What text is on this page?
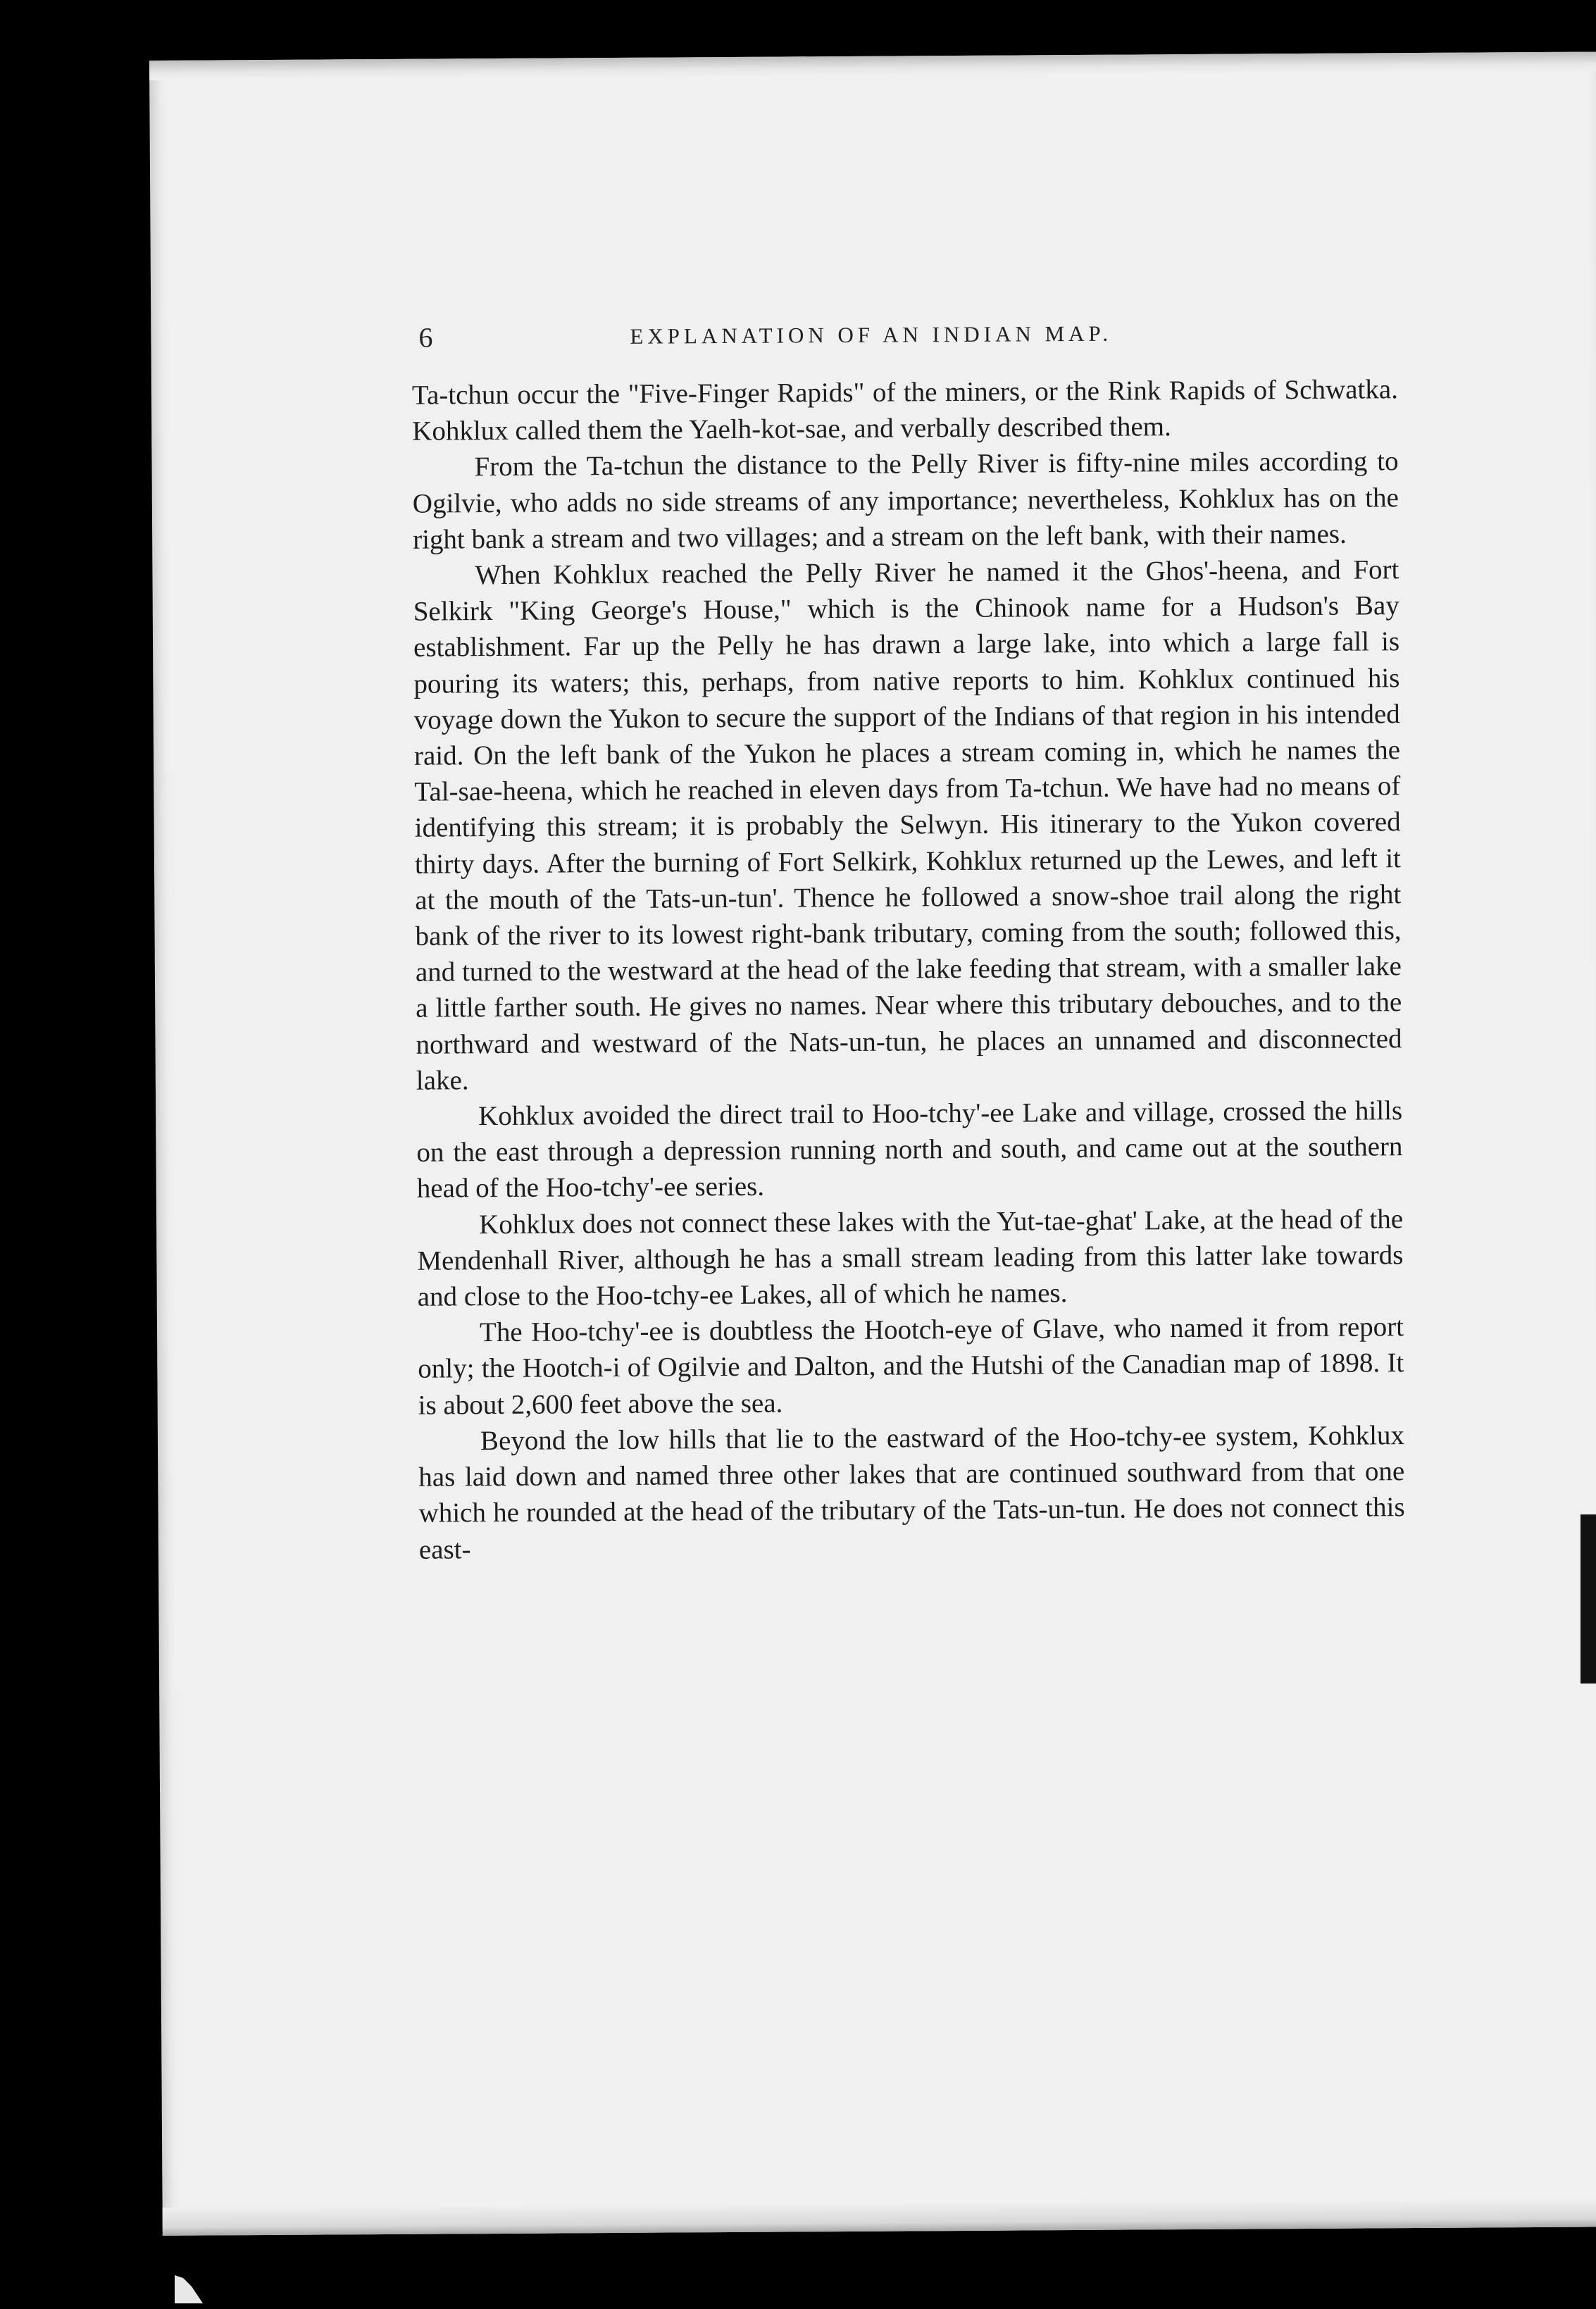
6	EXPLANATION OF AN INDIAN MAP.

Ta-tchun occur the "Five-Finger Rapids" of the miners, or the Rink Rapids of Schwatka. Kohklux called them the Yaelh-kot-sae, and verbally described them.

From the Ta-tchun the distance to the Pelly River is fifty-nine miles according to Ogilvie, who adds no side streams of any importance; nevertheless, Kohklux has on the right bank a stream and two villages; and a stream on the left bank, with their names.

When Kohklux reached the Pelly River he named it the Ghos'-heena, and Fort Selkirk "King George's House," which is the Chinook name for a Hudson's Bay establishment. Far up the Pelly he has drawn a large lake, into which a large fall is pouring its waters; this, perhaps, from native reports to him. Kohklux continued his voyage down the Yukon to secure the support of the Indians of that region in his intended raid. On the left bank of the Yukon he places a stream coming in, which he names the Tal-sae-heena, which he reached in eleven days from Ta-tchun. We have had no means of identifying this stream; it is probably the Selwyn. His itinerary to the Yukon covered thirty days. After the burning of Fort Selkirk, Kohklux returned up the Lewes, and left it at the mouth of the Tats-un-tun'. Thence he followed a snow-shoe trail along the right bank of the river to its lowest right-bank tributary, coming from the south; followed this, and turned to the westward at the head of the lake feeding that stream, with a smaller lake a little farther south. He gives no names. Near where this tributary debouches, and to the northward and westward of the Nats-un-tun, he places an unnamed and disconnected lake.

Kohklux avoided the direct trail to Hoo-tchy'-ee Lake and village, crossed the hills on the east through a depression running north and south, and came out at the southern head of the Hoo-tchy'-ee series.

Kohklux does not connect these lakes with the Yut-tae-ghat' Lake, at the head of the Mendenhall River, although he has a small stream leading from this latter lake towards and close to the Hoo-tchy-ee Lakes, all of which he names.

The Hoo-tchy'-ee is doubtless the Hootch-eye of Glave, who named it from report only; the Hootch-i of Ogilvie and Dalton, and the Hutshi of the Canadian map of 1898. It is about 2,600 feet above the sea.

Beyond the low hills that lie to the eastward of the Hoo-tchy-ee system, Kohklux has laid down and named three other lakes that are continued southward from that one which he rounded at the head of the tributary of the Tats-un-tun. He does not connect this east-
